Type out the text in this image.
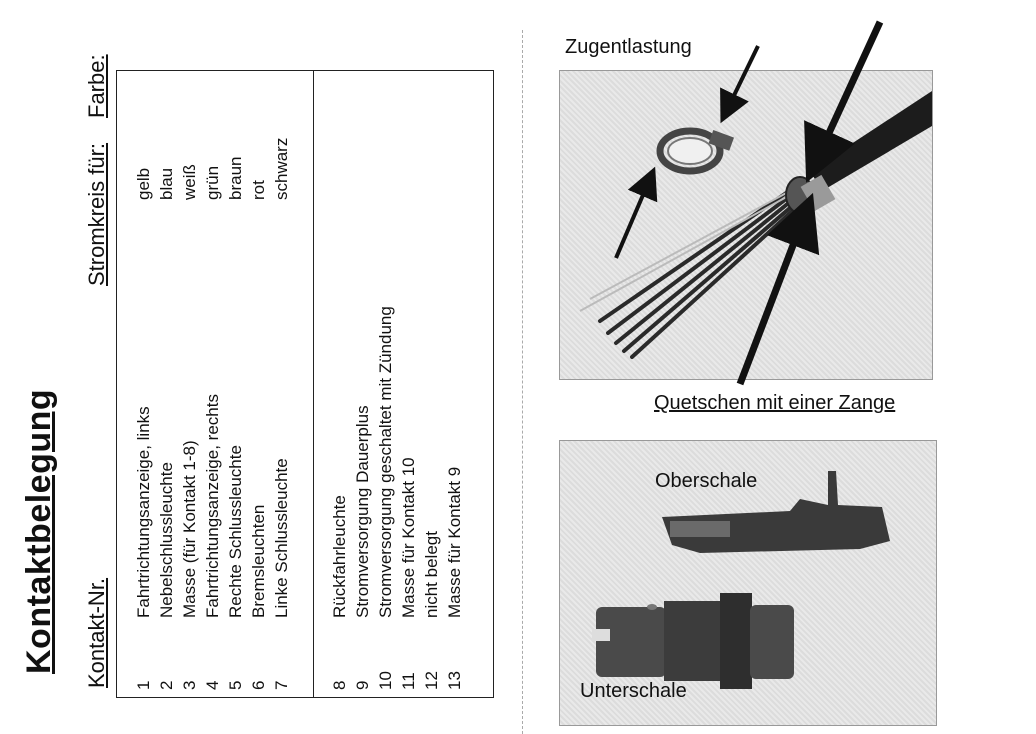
Kontaktbelegung Kontakt-Nr.
Stromkreis für:
Farbe:
1
Fahrtrichtungsanzeige, links
gelb
2
Nebelschlussleuchte
blau
3
Masse (für Kontakt 1-8)
weiß
4
Fahrtrichtungsanzeige, rechts
grün
5
Rechte Schlussleuchte
braun
6
Bremsleuchten
rot
7
Linke Schlussleuchte
schwarz
8
Rückfahrleuchte
9
Stromversorgung Dauerplus
10
Stromversorgung geschaltet mit Zündung
11
Masse für Kontakt 10
12
nicht belegt
13
Masse für Kontakt 9
Zugentlastung
Quetschen mit einer Zange
Oberschale
Unterschale
